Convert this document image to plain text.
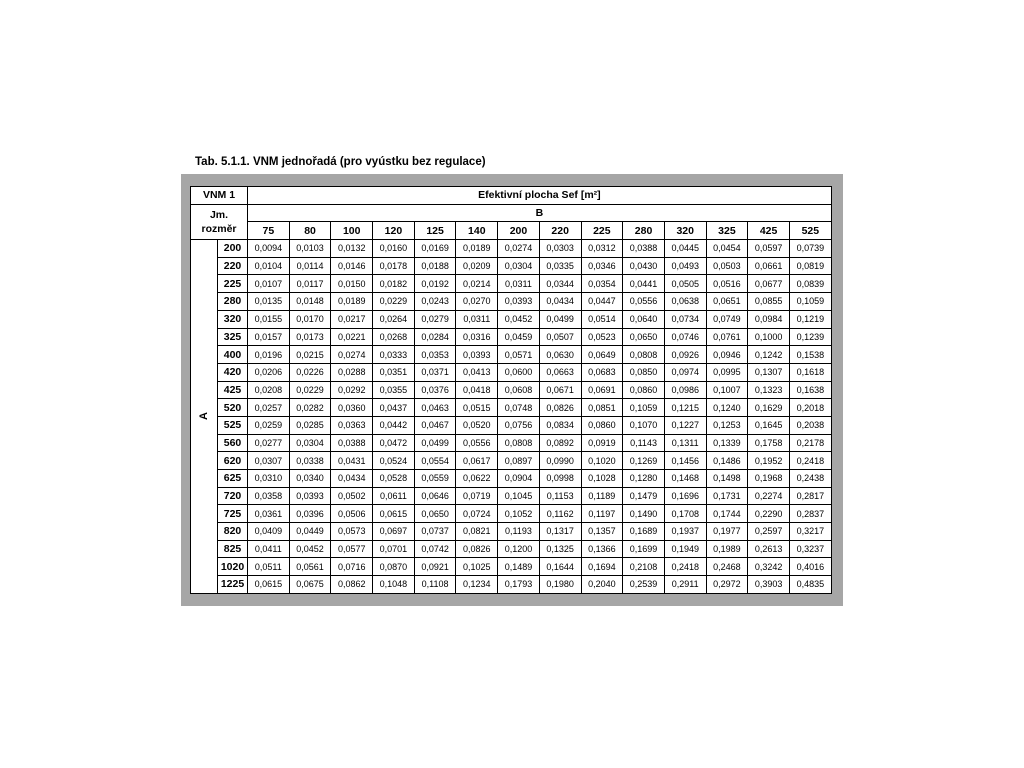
Tab. 5.1.1. VNM jednořadá (pro vyústku bez regulace)
VNM 1		Efektivní plocha Sef [m²]													
Jm.
rozměr		B													
		75	80	100	120	125	140	200	220	225	280	320	325	425	525
A	200	0,0094	0,0103	0,0132	0,0160	0,0169	0,0189	0,0274	0,0303	0,0312	0,0388	0,0445	0,0454	0,0597	0,0739
	220	0,0104	0,0114	0,0146	0,0178	0,0188	0,0209	0,0304	0,0335	0,0346	0,0430	0,0493	0,0503	0,0661	0,0819
	225	0,0107	0,0117	0,0150	0,0182	0,0192	0,0214	0,0311	0,0344	0,0354	0,0441	0,0505	0,0516	0,0677	0,0839
	280	0,0135	0,0148	0,0189	0,0229	0,0243	0,0270	0,0393	0,0434	0,0447	0,0556	0,0638	0,0651	0,0855	0,1059
	320	0,0155	0,0170	0,0217	0,0264	0,0279	0,0311	0,0452	0,0499	0,0514	0,0640	0,0734	0,0749	0,0984	0,1219
	325	0,0157	0,0173	0,0221	0,0268	0,0284	0,0316	0,0459	0,0507	0,0523	0,0650	0,0746	0,0761	0,1000	0,1239
	400	0,0196	0,0215	0,0274	0,0333	0,0353	0,0393	0,0571	0,0630	0,0649	0,0808	0,0926	0,0946	0,1242	0,1538
	420	0,0206	0,0226	0,0288	0,0351	0,0371	0,0413	0,0600	0,0663	0,0683	0,0850	0,0974	0,0995	0,1307	0,1618
	425	0,0208	0,0229	0,0292	0,0355	0,0376	0,0418	0,0608	0,0671	0,0691	0,0860	0,0986	0,1007	0,1323	0,1638
	520	0,0257	0,0282	0,0360	0,0437	0,0463	0,0515	0,0748	0,0826	0,0851	0,1059	0,1215	0,1240	0,1629	0,2018
	525	0,0259	0,0285	0,0363	0,0442	0,0467	0,0520	0,0756	0,0834	0,0860	0,1070	0,1227	0,1253	0,1645	0,2038
	560	0,0277	0,0304	0,0388	0,0472	0,0499	0,0556	0,0808	0,0892	0,0919	0,1143	0,1311	0,1339	0,1758	0,2178
	620	0,0307	0,0338	0,0431	0,0524	0,0554	0,0617	0,0897	0,0990	0,1020	0,1269	0,1456	0,1486	0,1952	0,2418
	625	0,0310	0,0340	0,0434	0,0528	0,0559	0,0622	0,0904	0,0998	0,1028	0,1280	0,1468	0,1498	0,1968	0,2438
	720	0,0358	0,0393	0,0502	0,0611	0,0646	0,0719	0,1045	0,1153	0,1189	0,1479	0,1696	0,1731	0,2274	0,2817
	725	0,0361	0,0396	0,0506	0,0615	0,0650	0,0724	0,1052	0,1162	0,1197	0,1490	0,1708	0,1744	0,2290	0,2837
	820	0,0409	0,0449	0,0573	0,0697	0,0737	0,0821	0,1193	0,1317	0,1357	0,1689	0,1937	0,1977	0,2597	0,3217
	825	0,0411	0,0452	0,0577	0,0701	0,0742	0,0826	0,1200	0,1325	0,1366	0,1699	0,1949	0,1989	0,2613	0,3237
	1020	0,0511	0,0561	0,0716	0,0870	0,0921	0,1025	0,1489	0,1644	0,1694	0,2108	0,2418	0,2468	0,3242	0,4016
	1225	0,0615	0,0675	0,0862	0,1048	0,1108	0,1234	0,1793	0,1980	0,2040	0,2539	0,2911	0,2972	0,3903	0,4835
